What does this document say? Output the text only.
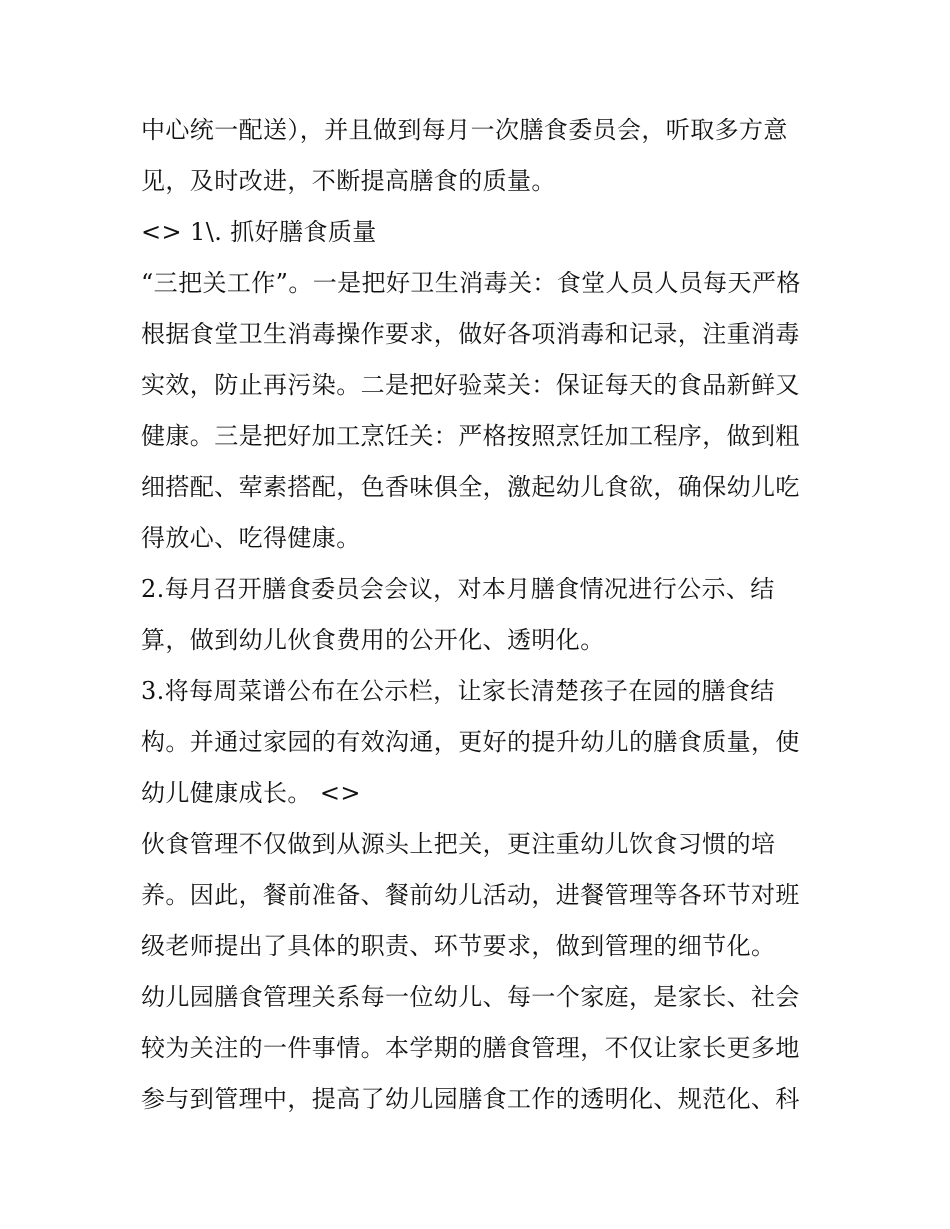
中心统一配送），并且做到每月一次膳食委员会，听取多方意
见，及时改进，不断提高膳食的质量。
<> 1\. 抓好膳食质量
“三把关工作”。一是把好卫生消毒关：食堂人员人员每天严格
根据食堂卫生消毒操作要求，做好各项消毒和记录，注重消毒
实效，防止再污染。二是把好验菜关：保证每天的食品新鲜又
健康。三是把好加工烹饪关：严格按照烹饪加工程序，做到粗
细搭配、荤素搭配，色香味俱全，激起幼儿食欲，确保幼儿吃
得放心、吃得健康。
2.每月召开膳食委员会会议，对本月膳食情况进行公示、结
算，做到幼儿伙食费用的公开化、透明化。
3.将每周菜谱公布在公示栏，让家长清楚孩子在园的膳食结
构。并通过家园的有效沟通，更好的提升幼儿的膳食质量，使
幼儿健康成长。 <>
伙食管理不仅做到从源头上把关，更注重幼儿饮食习惯的培
养。因此，餐前准备、餐前幼儿活动，进餐管理等各环节对班
级老师提出了具体的职责、环节要求，做到管理的细节化。
幼儿园膳食管理关系每一位幼儿、每一个家庭，是家长、社会
较为关注的一件事情。本学期的膳食管理，不仅让家长更多地
参与到管理中，提高了幼儿园膳食工作的透明化、规范化、科
